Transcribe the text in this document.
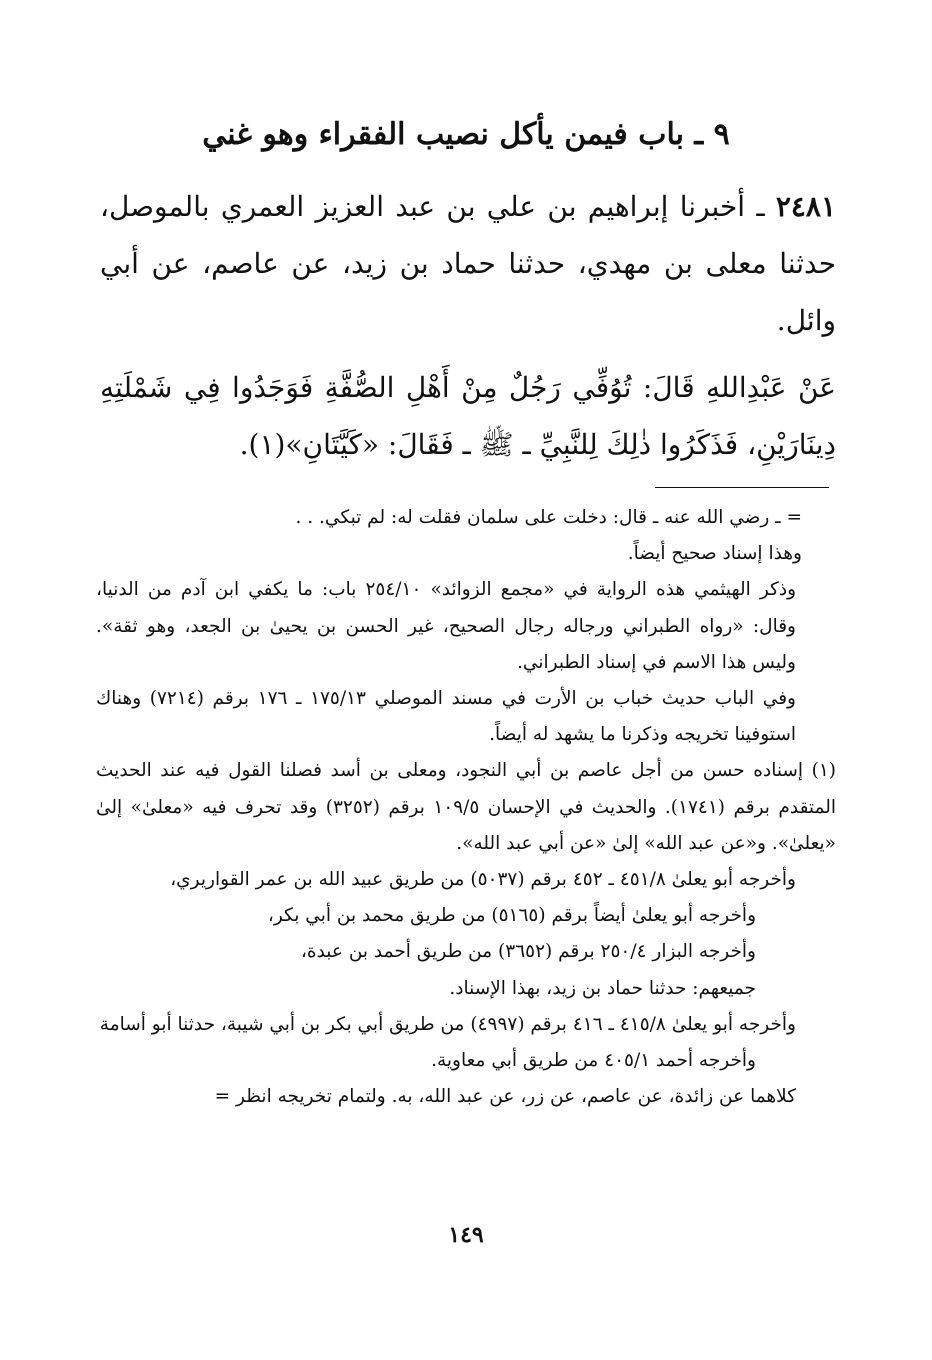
٩ ـ باب فيمن يأكل نصيب الفقراء وهو غني

٢٤٨١ ـ أخبرنا إبراهيم بن علي بن عبد العزيز العمري بالموصل، حدثنا معلى بن مهدي، حدثنا حماد بن زيد، عن عاصم، عن أبي وائل.

عَنْ عَبْدِاللهِ قَالَ: تُوُفِّي رَجُلٌ مِنْ أَهْلِ الصُّفَّةِ فَوَجَدُوا فِي شَمْلَتِهِ دِينَارَيْنِ، فَذَكَرُوا ذٰلِكَ لِلنَّبِيِّ ـ ﷺ ـ فَقَالَ: «كَيَّتَانِ»(١).

= ـ رضي الله عنه ـ قال: دخلت على سلمان فقلت له: لم تبكي. . .

وهذا إسناد صحيح أيضاً.

وذكر الهيثمي هذه الرواية في «مجمع الزوائد» ٢٥٤/١٠ باب: ما يكفي ابن آدم من الدنيا، وقال: «رواه الطبراني ورجاله رجال الصحيح، غير الحسن بن يحيىٰ بن الجعد، وهو ثقة». وليس هذا الاسم في إسناد الطبراني.

وفي الباب حديث خباب بن الأرت في مسند الموصلي ١٧٥/١٣ ـ ١٧٦ برقم (٧٢١٤) وهناك استوفينا تخريجه وذكرنا ما يشهد له أيضاً.

(١) إسناده حسن من أجل عاصم بن أبي النجود، ومعلى بن أسد فصلنا القول فيه عند الحديث المتقدم برقم (١٧٤١). والحديث في الإحسان ١٠٩/٥ برقم (٣٢٥٢) وقد تحرف فيه «معلىٰ» إلىٰ «يعلىٰ». و«عن عبد الله» إلىٰ «عن أبي عبد الله».

وأخرجه أبو يعلىٰ ٤٥١/٨ ـ ٤٥٢ برقم (٥٠٣٧) من طريق عبيد الله بن عمر القواريري،

وأخرجه أبو يعلىٰ أيضاً برقم (٥١٦٥) من طريق محمد بن أبي بكر،

وأخرجه البزار ٢٥٠/٤ برقم (٣٦٥٢) من طريق أحمد بن عبدة،

جميعهم: حدثنا حماد بن زيد، بهذا الإسناد.

وأخرجه أبو يعلىٰ ٤١٥/٨ ـ ٤١٦ برقم (٤٩٩٧) من طريق أبي بكر بن أبي شيبة، حدثنا أبو أسامة

وأخرجه أحمد ٤٠٥/١ من طريق أبي معاوية.

كلاهما عن زائدة، عن عاصم، عن زر، عن عبد الله، به. ولتمام تخريجه انظر =

١٤٩
